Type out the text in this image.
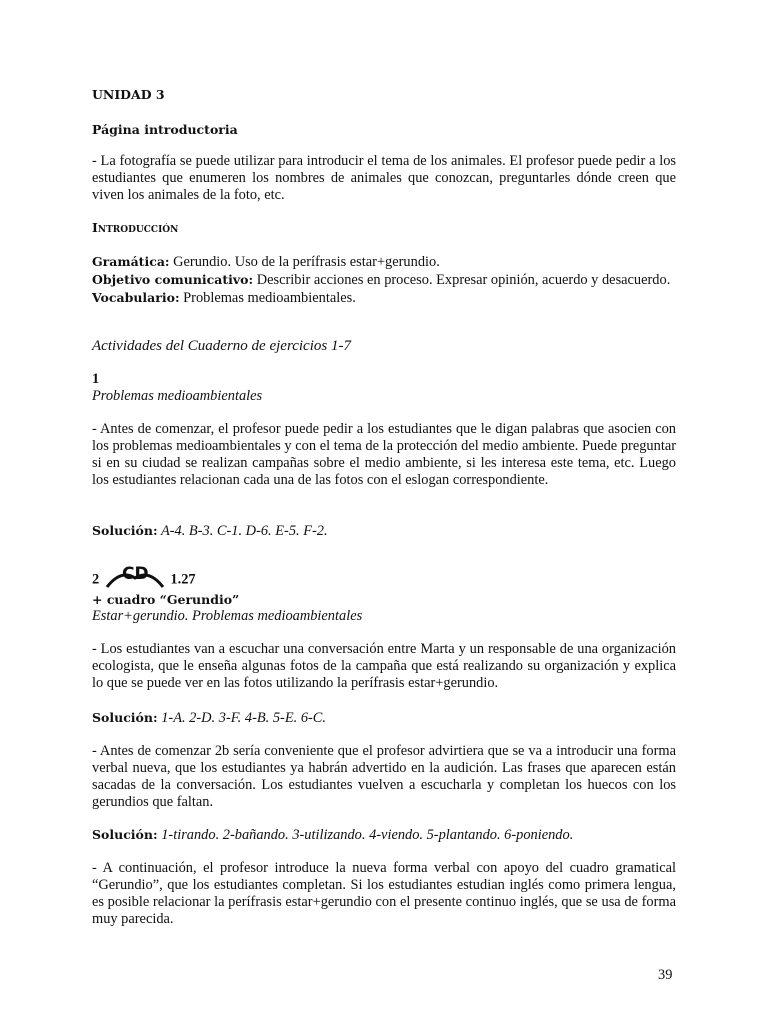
UNIDAD 3

Página introductoria

- La fotografía se puede utilizar para introducir el tema de los animales. El profesor puede pedir a los estudiantes que enumeren los nombres de animales que conozcan, preguntarles dónde creen que viven los animales de la foto, etc.

Introducción

Gramática: Gerundio. Uso de la perífrasis estar+gerundio.
Objetivo comunicativo: Describir acciones en proceso. Expresar opinión, acuerdo y desacuerdo.
Vocabulario: Problemas medioambientales.

Actividades del Cuaderno de ejercicios 1-7

1

Problemas medioambientales

- Antes de comenzar, el profesor puede pedir a los estudiantes que le digan palabras que asocien con los problemas medioambientales y con el tema de la protección del medio ambiente. Puede preguntar si en su ciudad se realizan campañas sobre el medio ambiente, si les interesa este tema, etc. Luego los estudiantes relacionan cada una de las fotos con el eslogan correspondiente.

Solución: A-4. B-3. C-1. D-6. E-5. F-2.

2 CD 1.27

+ cuadro “Gerundio”

Estar+gerundio. Problemas medioambientales

- Los estudiantes van a escuchar una conversación entre Marta y un responsable de una organización ecologista, que le enseña algunas fotos de la campaña que está realizando su organización y explica lo que se puede ver en las fotos utilizando la perífrasis estar+gerundio.

Solución: 1-A. 2-D. 3-F. 4-B. 5-E. 6-C.

- Antes de comenzar 2b sería conveniente que el profesor advirtiera que se va a introducir una forma verbal nueva, que los estudiantes ya habrán advertido en la audición. Las frases que aparecen están sacadas de la conversación. Los estudiantes vuelven a escucharla y completan los huecos con los gerundios que faltan.

Solución: 1-tirando. 2-bañando. 3-utilizando. 4-viendo. 5-plantando. 6-poniendo.

- A continuación, el profesor introduce la nueva forma verbal con apoyo del cuadro gramatical “Gerundio”, que los estudiantes completan. Si los estudiantes estudian inglés como primera lengua, es posible relacionar la perífrasis estar+gerundio con el presente continuo inglés, que se usa de forma muy parecida.

39
